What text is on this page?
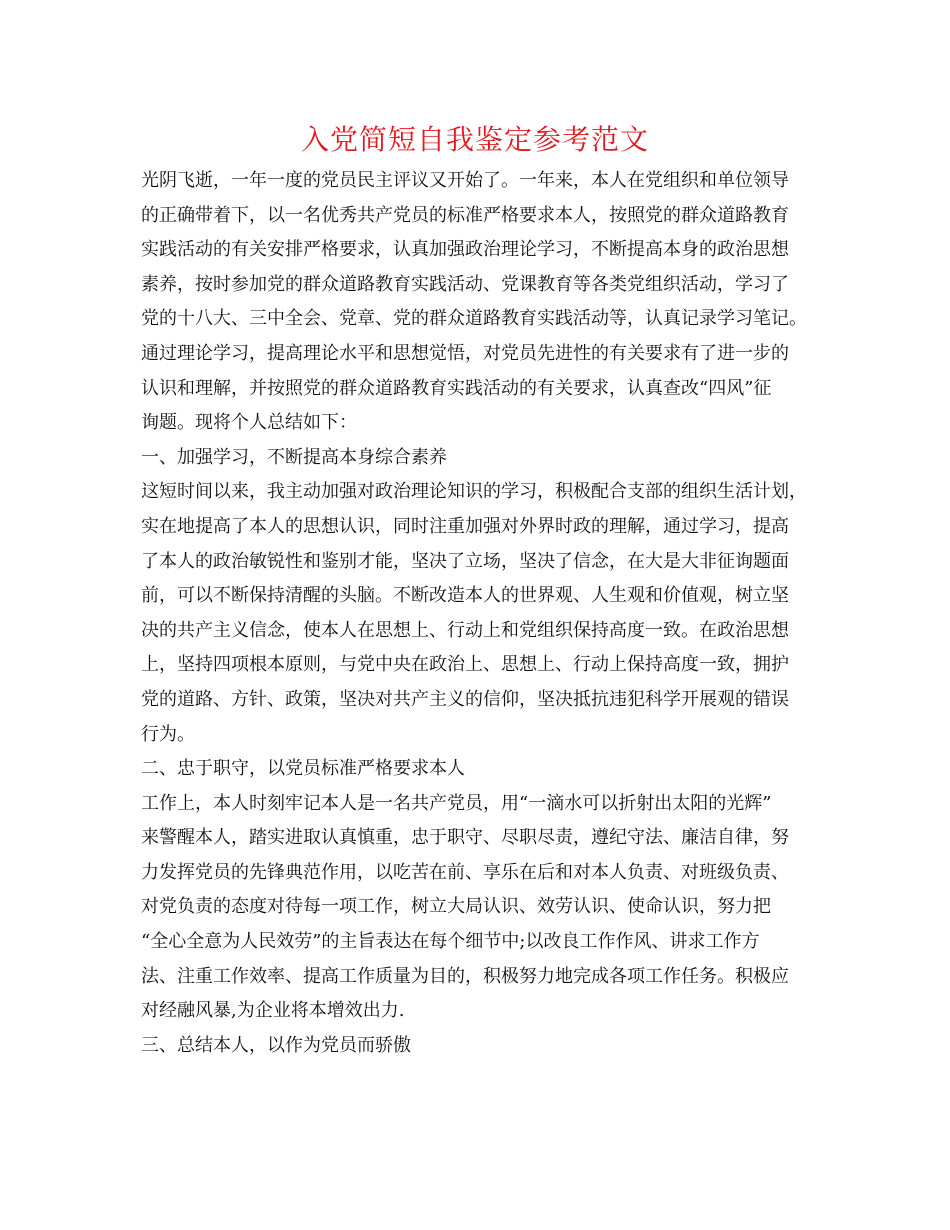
入党简短自我鉴定参考范文
光阴飞逝，一年一度的党员民主评议又开始了。一年来，本人在党组织和单位领导
的正确带着下，以一名优秀共产党员的标准严格要求本人，按照党的群众道路教育
实践活动的有关安排严格要求，认真加强政治理论学习，不断提高本身的政治思想
素养，按时参加党的群众道路教育实践活动、党课教育等各类党组织活动，学习了
党的十八大、三中全会、党章、党的群众道路教育实践活动等，认真记录学习笔记。
通过理论学习，提高理论水平和思想觉悟，对党员先进性的有关要求有了进一步的
认识和理解，并按照党的群众道路教育实践活动的有关要求，认真查改“四风”征
询题。现将个人总结如下：
一、加强学习，不断提高本身综合素养
这短时间以来，我主动加强对政治理论知识的学习，积极配合支部的组织生活计划，
实在地提高了本人的思想认识，同时注重加强对外界时政的理解，通过学习，提高
了本人的政治敏锐性和鉴别才能，坚决了立场，坚决了信念，在大是大非征询题面
前，可以不断保持清醒的头脑。不断改造本人的世界观、人生观和价值观，树立坚
决的共产主义信念，使本人在思想上、行动上和党组织保持高度一致。在政治思想
上，坚持四项根本原则，与党中央在政治上、思想上、行动上保持高度一致，拥护
党的道路、方针、政策，坚决对共产主义的信仰，坚决抵抗违犯科学开展观的错误
行为。
二、忠于职守，以党员标准严格要求本人
工作上，本人时刻牢记本人是一名共产党员，用“一滴水可以折射出太阳的光辉”
来警醒本人，踏实进取认真慎重，忠于职守、尽职尽责，遵纪守法、廉洁自律，努
力发挥党员的先锋典范作用，以吃苦在前、享乐在后和对本人负责、对班级负责、
对党负责的态度对待每一项工作，树立大局认识、效劳认识、使命认识，努力把
“全心全意为人民效劳”的主旨表达在每个细节中;以改良工作作风、讲求工作方
法、注重工作效率、提高工作质量为目的，积极努力地完成各项工作任务。积极应
对经融风暴,为企业将本增效出力.
三、总结本人，以作为党员而骄傲
